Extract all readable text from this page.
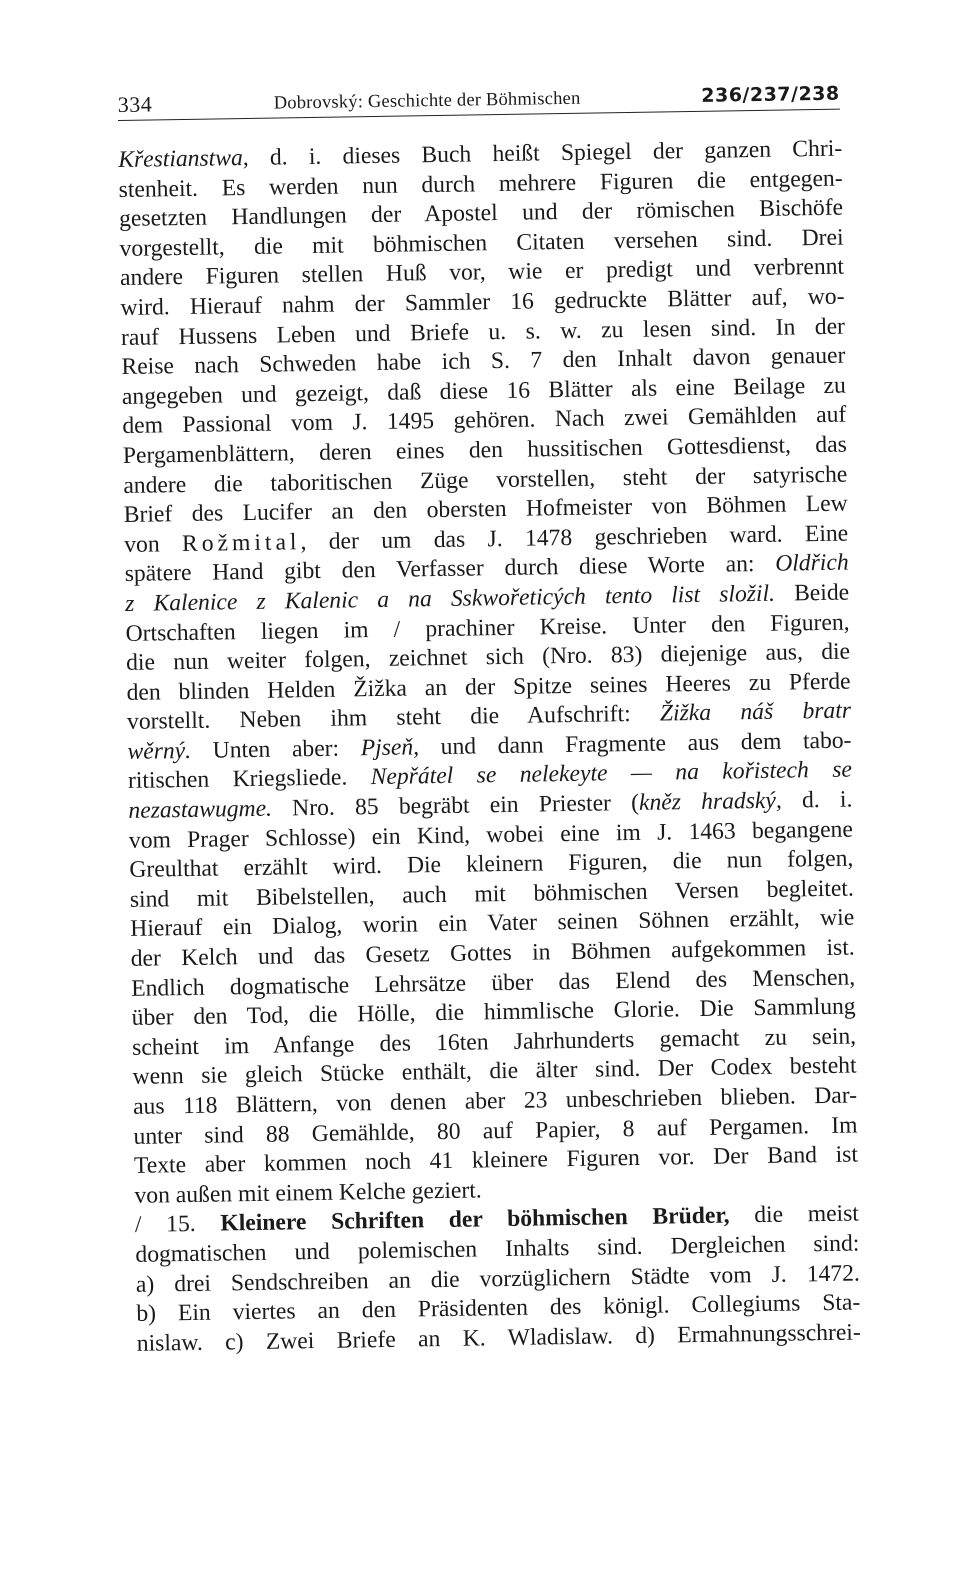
334	Dobrovský: Geschichte der Böhmischen	236/237/238
Křestianstwa, d. i. dieses Buch heißt Spiegel der ganzen Chri-
stenheit. Es werden nun durch mehrere Figuren die entgegen-
gesetzten Handlungen der Apostel und der römischen Bischöfe
vorgestellt, die mit böhmischen Citaten versehen sind. Drei
andere Figuren stellen Huß vor, wie er predigt und verbrennt
wird. Hierauf nahm der Sammler 16 gedruckte Blätter auf, wo-
rauf Hussens Leben und Briefe u. s. w. zu lesen sind. In der
Reise nach Schweden habe ich S. 7 den Inhalt davon genauer
angegeben und gezeigt, daß diese 16 Blätter als eine Beilage zu
dem Passional vom J. 1495 gehören. Nach zwei Gemählden auf
Pergamenblättern, deren eines den hussitischen Gottesdienst, das
andere die taboritischen Züge vorstellen, steht der satyrische
Brief des Lucifer an den obersten Hofmeister von Böhmen Lew
von Rožmital, der um das J. 1478 geschrieben ward. Eine
spätere Hand gibt den Verfasser durch diese Worte an: Oldřich
z Kalenice z Kalenic a na Sskwořeticých tento list složil. Beide
Ortschaften liegen im / prachiner Kreise. Unter den Figuren,
die nun weiter folgen, zeichnet sich (Nro. 83) diejenige aus, die
den blinden Helden Žižka an der Spitze seines Heeres zu Pferde
vorstellt. Neben ihm steht die Aufschrift: Žižka náš bratr
wěrný. Unten aber: Pjseň, und dann Fragmente aus dem tabo-
ritischen Kriegsliede. Nepřátel se nelekeyte — na kořistech se
nezastawugme. Nro. 85 begräbt ein Priester (kněz hradský, d. i.
vom Prager Schlosse) ein Kind, wobei eine im J. 1463 begangene
Greulthat erzählt wird. Die kleinern Figuren, die nun folgen,
sind mit Bibelstellen, auch mit böhmischen Versen begleitet.
Hierauf ein Dialog, worin ein Vater seinen Söhnen erzählt, wie
der Kelch und das Gesetz Gottes in Böhmen aufgekommen ist.
Endlich dogmatische Lehrsätze über das Elend des Menschen,
über den Tod, die Hölle, die himmlische Glorie. Die Sammlung
scheint im Anfange des 16ten Jahrhunderts gemacht zu sein,
wenn sie gleich Stücke enthält, die älter sind. Der Codex besteht
aus 118 Blättern, von denen aber 23 unbeschrieben blieben. Dar-
unter sind 88 Gemählde, 80 auf Papier, 8 auf Pergamen. Im
Texte aber kommen noch 41 kleinere Figuren vor. Der Band ist
von außen mit einem Kelche geziert.
/ 15. Kleinere Schriften der böhmischen Brüder, die meist
dogmatischen und polemischen Inhalts sind. Dergleichen sind:
a) drei Sendschreiben an die vorzüglichern Städte vom J. 1472.
b) Ein viertes an den Präsidenten des königl. Collegiums Sta-
nislaw. c) Zwei Briefe an K. Wladislaw. d) Ermahnungsschrei-
